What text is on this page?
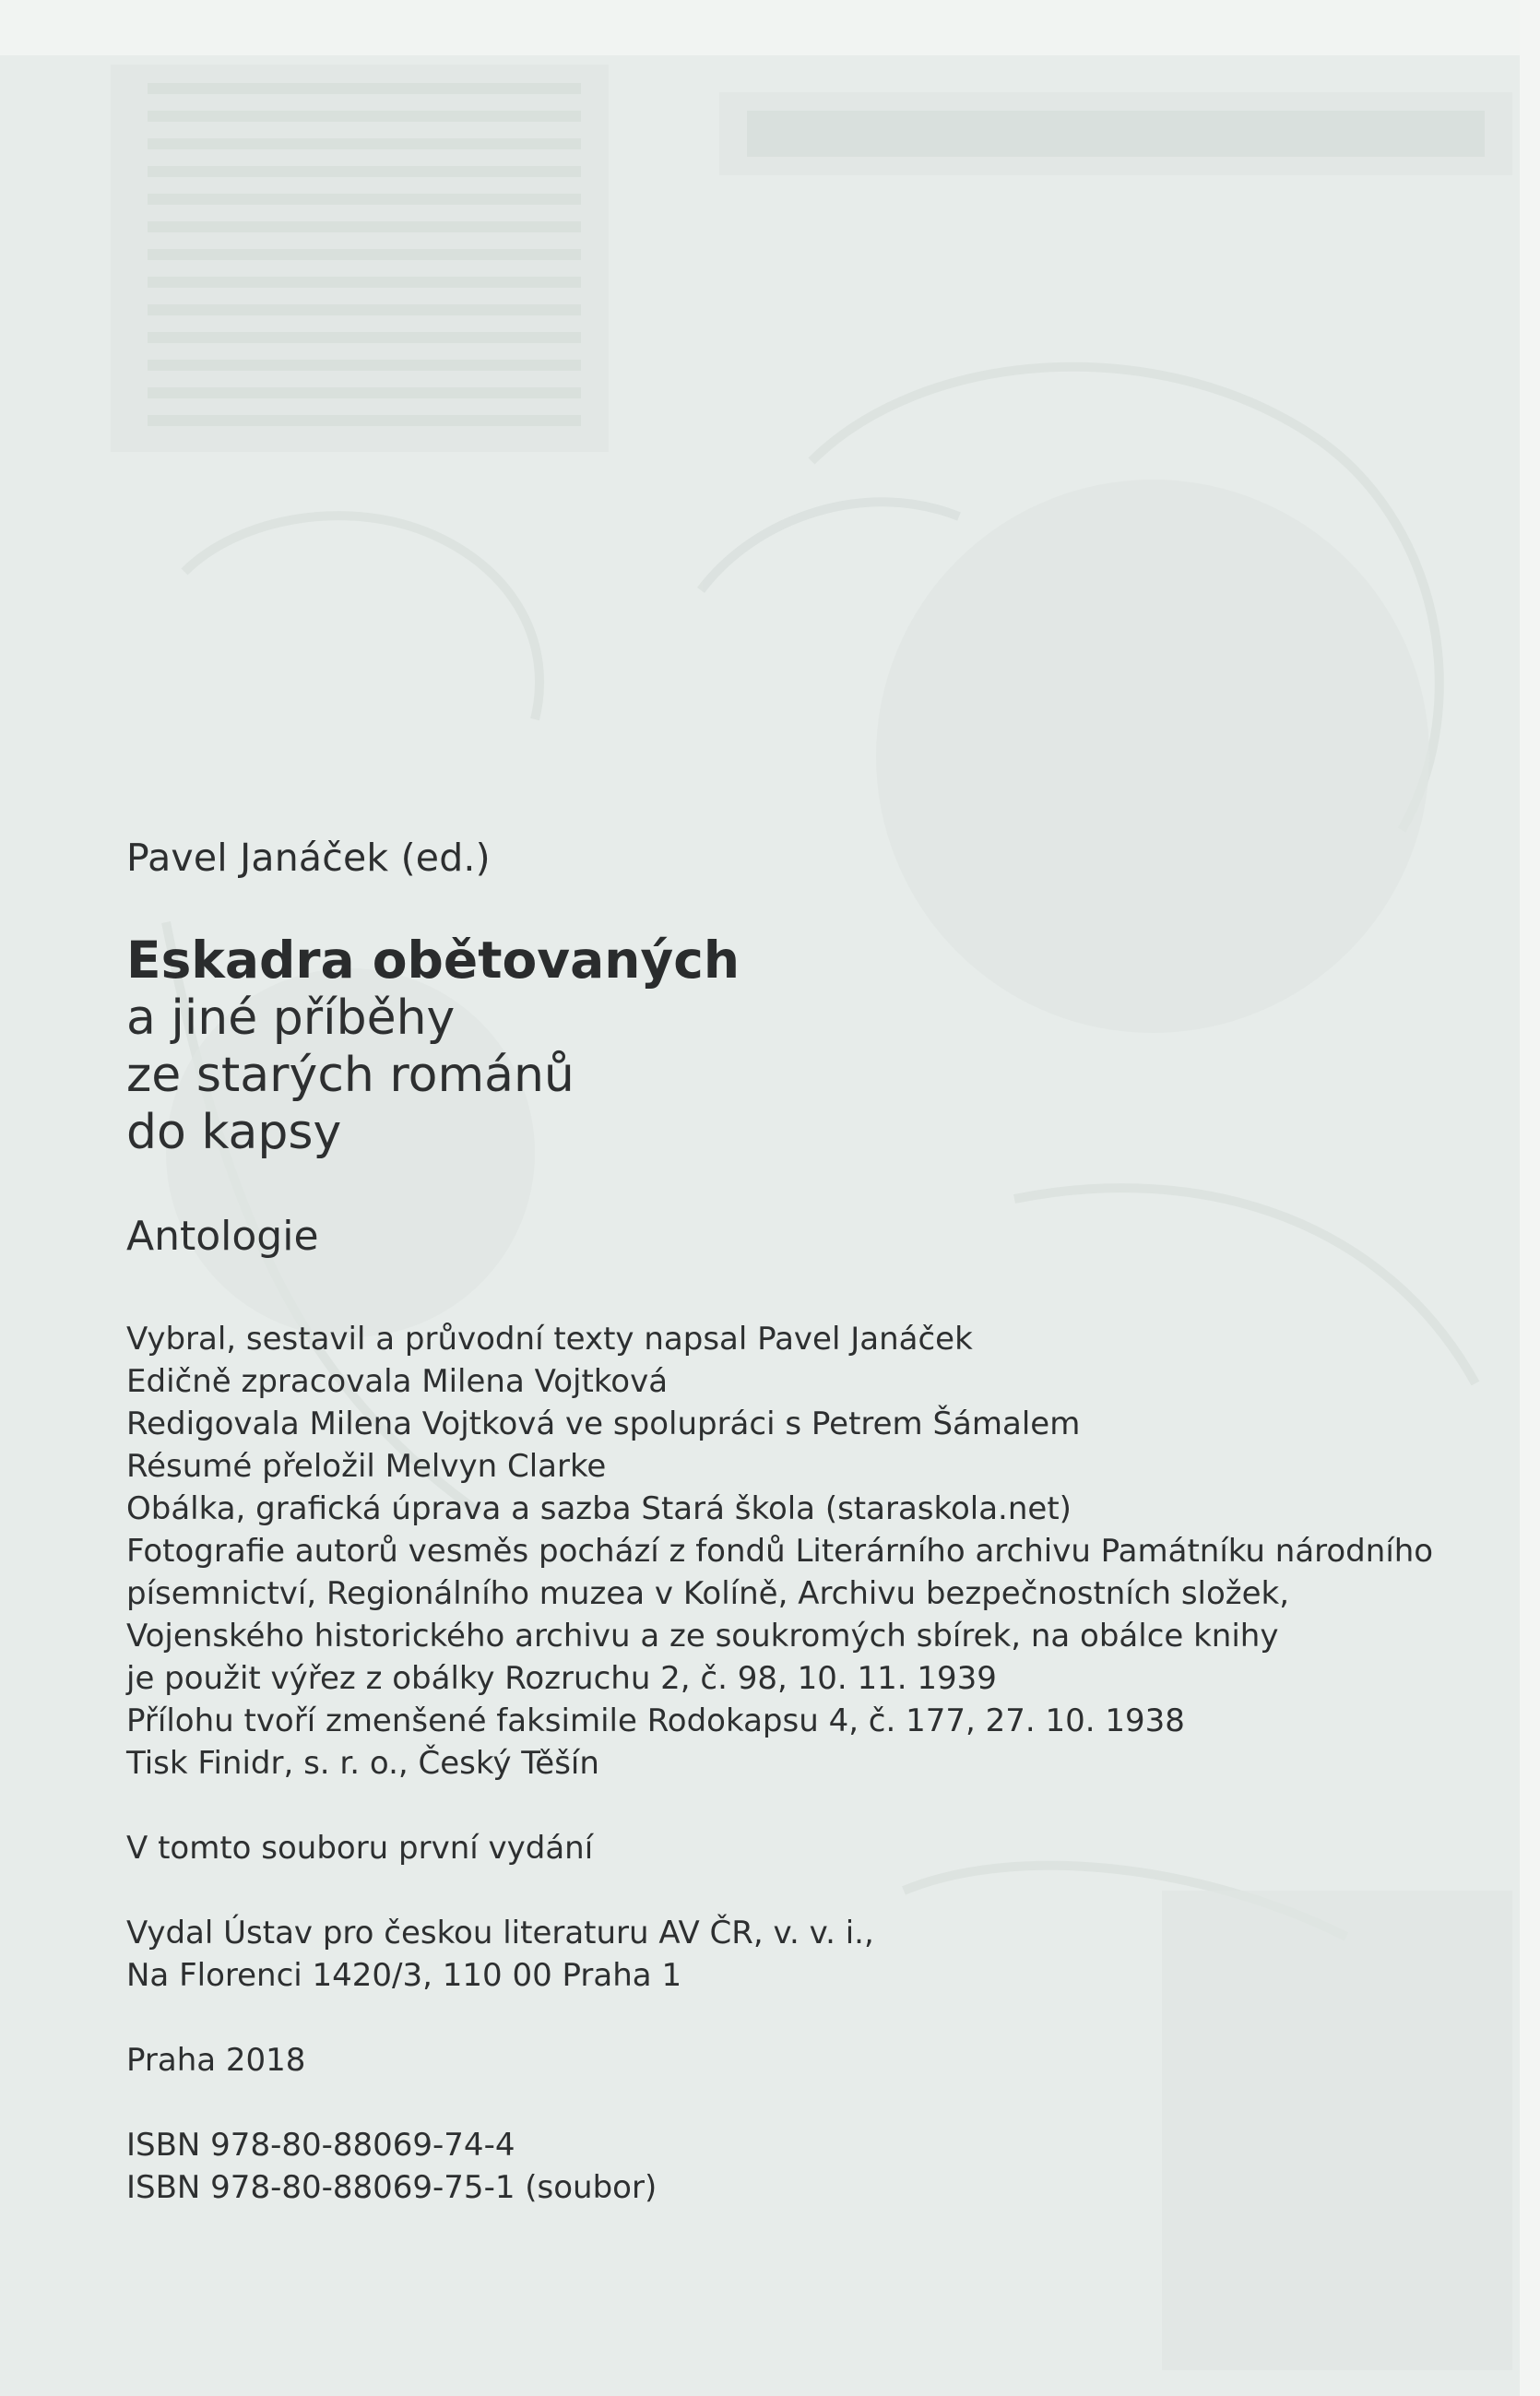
Pavel Janáček (ed.)
Eskadra obětovaných
a jiné příběhy
ze starých románů
do kapsy
Antologie
Vybral, sestavil a průvodní texty napsal Pavel Janáček
Edičně zpracovala Milena Vojtková
Redigovala Milena Vojtková ve spolupráci s Petrem Šámalem
Résumé přeložil Melvyn Clarke
Obálka, grafická úprava a sazba Stará škola (staraskola.net)
Fotografie autorů vesměs pochází z fondů Literárního archivu Památníku národního
písemnictví, Regionálního muzea v Kolíně, Archivu bezpečnostních složek,
Vojenského historického archivu a ze soukromých sbírek, na obálce knihy
je použit výřez z obálky Rozruchu 2, č. 98, 10. 11. 1939
Přílohu tvoří zmenšené faksimile Rodokapsu 4, č. 177, 27. 10. 1938
Tisk Finidr, s. r. o., Český Těšín
V tomto souboru první vydání
Vydal Ústav pro českou literaturu AV ČR, v. v. i.,
Na Florenci 1420/3, 110 00 Praha 1
Praha 2018
ISBN 978-80-88069-74-4
ISBN 978-80-88069-75-1 (soubor)
